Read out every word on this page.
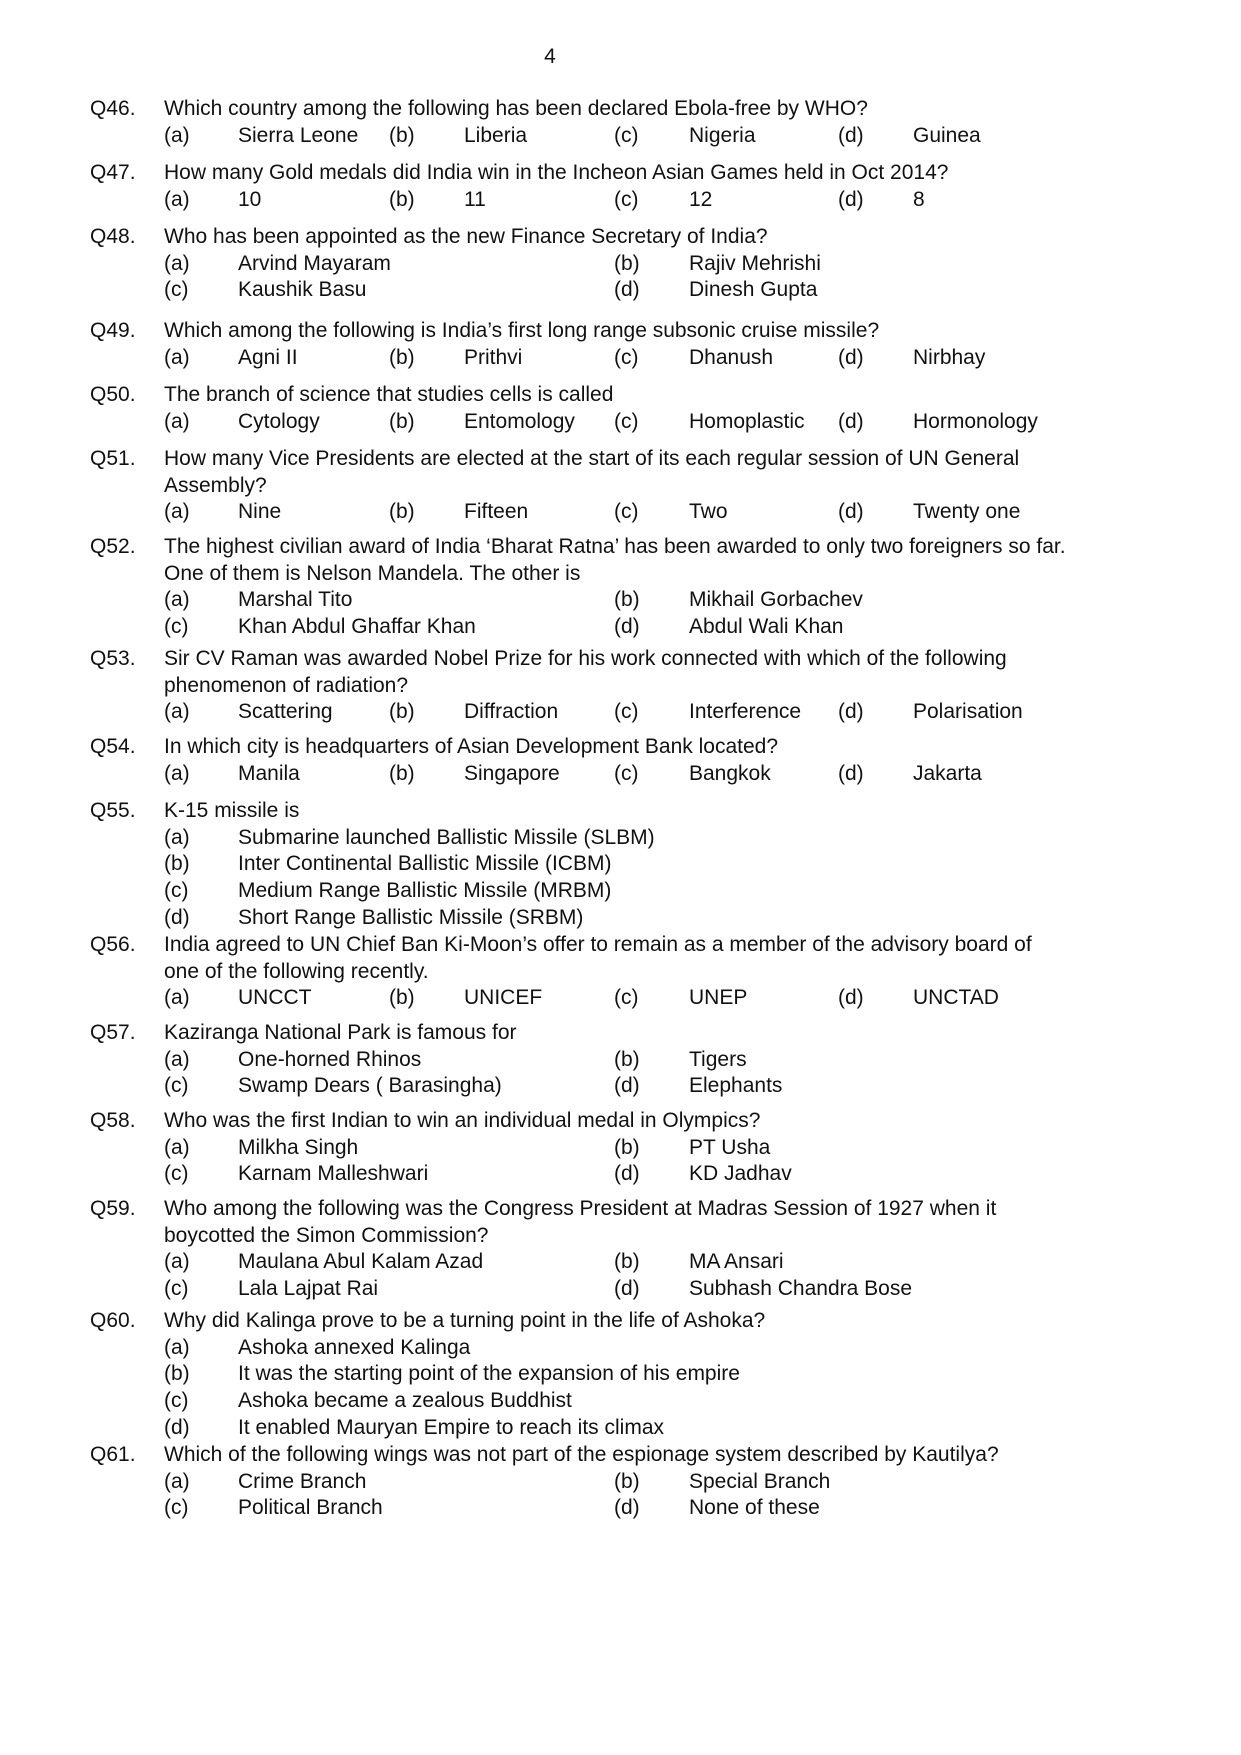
4
Q46. Which country among the following has been declared Ebola-free by WHO?
(a) Sierra Leone (b) Liberia	(c) Nigeria	(d) Guinea
Q47. How many Gold medals did India win in the Incheon Asian Games held in Oct 2014?
(a) 10	(b) 11	(c) 12	(d) 8
Q48. Who has been appointed as the new Finance Secretary of India?
(a) Arvind Mayaram	(b) Rajiv Mehrishi
(c) Kaushik Basu	(d) Dinesh Gupta
Q49. Which among the following is India’s first long range subsonic cruise missile?
(a) Agni II	(b) Prithvi	(c) Dhanush	(d) Nirbhay
Q50. The branch of science that studies cells is called
(a) Cytology	(b) Entomology (c) Homoplastic (d) Hormonology
Q51. How many Vice Presidents are elected at the start of its each regular session of UN General
Assembly?
(a) Nine	(b) Fifteen	(c) Two	(d) Twenty one
Q52. The highest civilian award of India ‘Bharat Ratna’ has been awarded to only two foreigners so far.
One of them is Nelson Mandela. The other is
(a) Marshal Tito	(b) Mikhail Gorbachev
(c) Khan Abdul Ghaffar Khan	(d) Abdul Wali Khan
Q53. Sir CV Raman was awarded Nobel Prize for his work connected with which of the following
phenomenon of radiation?
(a) Scattering	(b) Diffraction	(c) Interference (d) Polarisation
Q54. In which city is headquarters of Asian Development Bank located?
(a) Manila	(b) Singapore	(c) Bangkok	(d) Jakarta
Q55. K-15 missile is
(a) Submarine launched Ballistic Missile (SLBM)
(b) Inter Continental Ballistic Missile (ICBM)
(c) Medium Range Ballistic Missile (MRBM)
(d) Short Range Ballistic Missile (SRBM)
Q56. India agreed to UN Chief Ban Ki-Moon’s offer to remain as a member of the advisory board of
one of the following recently.
(a) UNCCT	(b) UNICEF	(c) UNEP	(d) UNCTAD
Q57. Kaziranga National Park is famous for
(a) One-horned Rhinos	(b) Tigers
(c) Swamp Dears ( Barasingha)	(d) Elephants
Q58. Who was the first Indian to win an individual medal in Olympics?
(a) Milkha Singh	(b) PT Usha
(c) Karnam Malleshwari	(d) KD Jadhav
Q59. Who among the following was the Congress President at Madras Session of 1927 when it
boycotted the Simon Commission?
(a) Maulana Abul Kalam Azad	(b) MA Ansari
(c) Lala Lajpat Rai	(d) Subhash Chandra Bose
Q60. Why did Kalinga prove to be a turning point in the life of Ashoka?
(a) Ashoka annexed Kalinga
(b) It was the starting point of the expansion of his empire
(c) Ashoka became a zealous Buddhist
(d) It enabled Mauryan Empire to reach its climax
Q61. Which of the following wings was not part of the espionage system described by Kautilya?
(a) Crime Branch	(b) Special Branch
(c) Political Branch	(d) None of these
